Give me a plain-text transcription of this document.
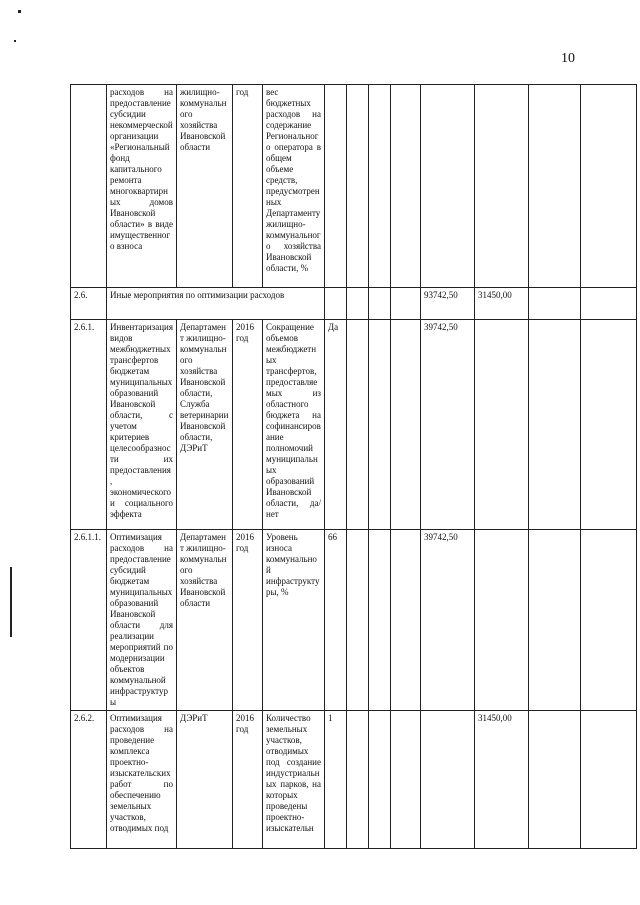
10
	расходов на предоставление субсидии некоммерческой организации «Региональный фонд капитального ремонта многоквартирных домов Ивановской области» в виде имущественного взноса	жилищно-коммунального хозяйства Ивановской области	год	вес бюджетных расходов на содержание Регионального оператора в общем объеме средств, предусмотренных Департаменту жилищно-коммунального хозяйства Ивановской области, %								
2.6.	Иные мероприятия по оптимизации расходов								93742,50	31450,00		
2.6.1.	Инвентаризация видов межбюджетных трансфертов бюджетам муниципальных образований Ивановской области, с учетом критериев целесообразности их предоставления, экономического и социального эффекта	Департамент жилищно-коммунального хозяйства Ивановской области, Служба ветеринарии Ивановской области, ДЭРиТ	2016 год	Сокращение объемов межбюджетных трансфертов, предоставляемых из областного бюджета на софинансирование полномочий муниципальных образований Ивановской области, да/нет	Да				39742,50			
2.6.1.1.	Оптимизация расходов на предоставление субсидий бюджетам муниципальных образований Ивановской области для реализации мероприятий по модернизации объектов коммунальной инфраструктуры	Департамент жилищно-коммунального хозяйства Ивановской области	2016 год	Уровень износа коммунальной инфраструктуры, %	66				39742,50			
2.6.2.	Оптимизация расходов на проведение комплекса проектно-изыскательских работ по обеспечению земельных участков, отводимых под	ДЭРиТ	2016 год	Количество земельных участков, отводимых под создание индустриальных парков, на которых проведены проектно-изыскательн	1					31450,00		
